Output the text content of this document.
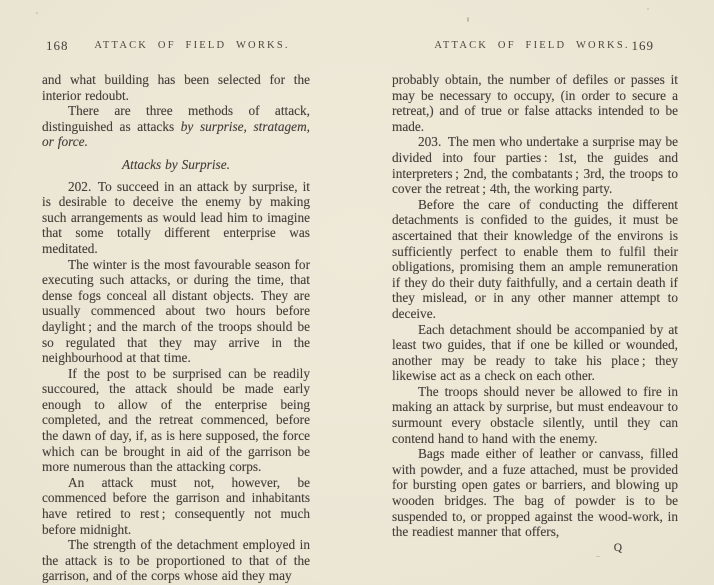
168	ATTACK OF FIELD WORKS.

and what building has been selected for the interior redoubt.

There are three methods of attack, distinguished as attacks by surprise, stratagem, or force.

Attacks by Surprise.

202. To succeed in an attack by surprise, it is desirable to deceive the enemy by making such arrangements as would lead him to imagine that some totally different enterprise was meditated.

The winter is the most favourable season for executing such attacks, or during the time, that dense fogs conceal all distant objects. They are usually commenced about two hours before daylight ; and the march of the troops should be so regulated that they may arrive in the neighbourhood at that time.

If the post to be surprised can be readily succoured, the attack should be made early enough to allow of the enterprise being completed, and the retreat commenced, before the dawn of day, if, as is here supposed, the force which can be brought in aid of the garrison be more numerous than the attacking corps.

An attack must not, however, be commenced before the garrison and inhabitants have retired to rest ; consequently not much before midnight.

The strength of the detachment employed in the attack is to be proportioned to that of the garrison, and of the corps whose aid they may

ATTACK OF FIELD WORKS. 169

probably obtain, the number of defiles or passes it may be necessary to occupy, (in order to secure a retreat,) and of true or false attacks intended to be made.

203. The men who undertake a surprise may be divided into four parties : 1st, the guides and interpreters ; 2nd, the combatants ; 3rd, the troops to cover the retreat ; 4th, the working party.

Before the care of conducting the different detachments is confided to the guides, it must be ascertained that their knowledge of the environs is sufficiently perfect to enable them to fulfil their obligations, promising them an ample remuneration if they do their duty faithfully, and a certain death if they mislead, or in any other manner attempt to deceive.

Each detachment should be accompanied by at least two guides, that if one be killed or wounded, another may be ready to take his place ; they likewise act as a check on each other.

The troops should never be allowed to fire in making an attack by surprise, but must endeavour to surmount every obstacle silently, until they can contend hand to hand with the enemy.

Bags made either of leather or canvass, filled with powder, and a fuze attached, must be provided for bursting open gates or barriers, and blowing up wooden bridges. The bag of powder is to be suspended to, or propped against the wood-work, in the readiest manner that offers,

Q
